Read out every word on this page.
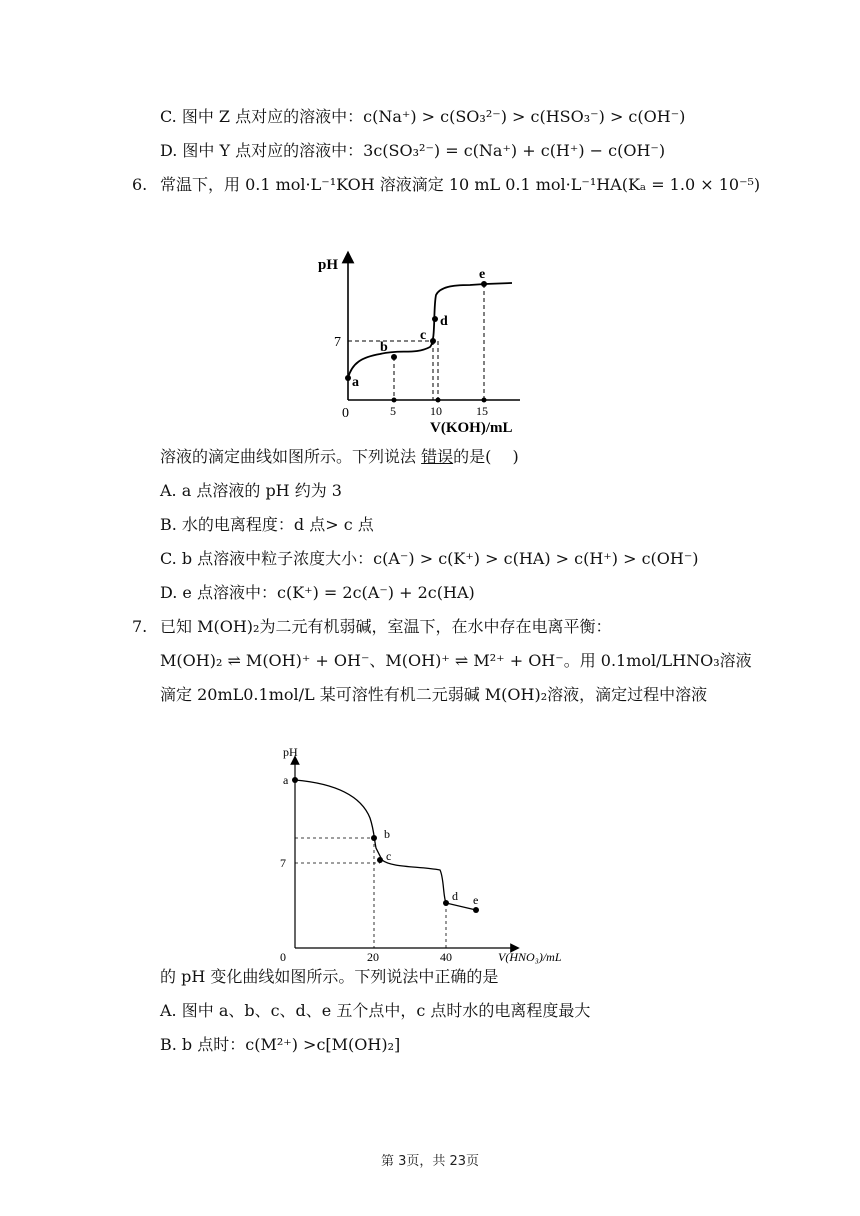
C. 图中 Z 点对应的溶液中：c(Na⁺) > c(SO₃²⁻) > c(HSO₃⁻) > c(OH⁻)
D. 图中 Y 点对应的溶液中：3c(SO₃²⁻) = c(Na⁺) + c(H⁺) − c(OH⁻)
6. 常温下，用 0.1 mol·L⁻¹KOH 溶液滴定 10 mL 0.1 mol·L⁻¹HA(Kₐ = 1.0 × 10⁻⁵)
pH
7
0	5	10	15
V(KOH)/mL
a
b
c
d
e
溶液的滴定曲线如图所示。下列说法 错误的是(　 )
A. a 点溶液的 pH 约为 3
B. 水的电离程度：d 点> c 点
C. b 点溶液中粒子浓度大小：c(A⁻) > c(K⁺) > c(HA) > c(H⁺) > c(OH⁻)
D. e 点溶液中：c(K⁺) = 2c(A⁻) + 2c(HA)
7. 已知 M(OH)₂为二元有机弱碱，室温下，在水中存在电离平衡：
M(OH)₂ ⇌ M(OH)⁺ + OH⁻、M(OH)⁺ ⇌ M²⁺ + OH⁻。用 0.1mol/LHNO₃溶液
滴定 20mL0.1mol/L 某可溶性有机二元弱碱 M(OH)₂溶液，滴定过程中溶液
pH
7
0	20	40	V(HNO₃)/mL
a
b
c
d e
的 pH 变化曲线如图所示。下列说法中正确的是
A. 图中 a、b、c、d、e 五个点中，c 点时水的电离程度最大
B. b 点时：c(M²⁺) >c[M(OH)₂]
第 3页，共 23页
